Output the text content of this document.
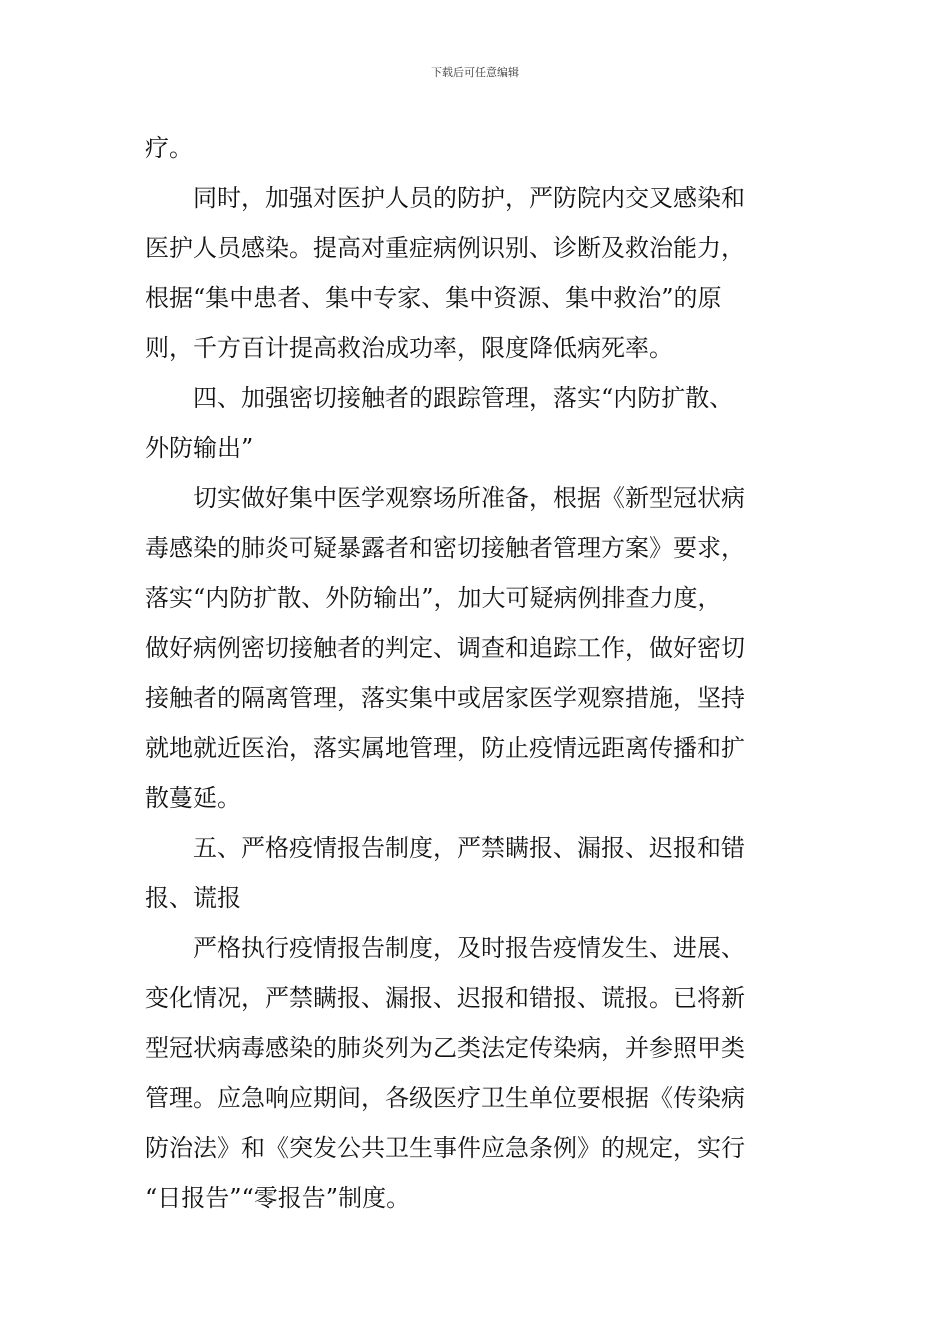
下载后可任意编辑
疗。
同时，加强对医护人员的防护，严防院内交叉感染和
医护人员感染。提高对重症病例识别、诊断及救治能力，
根据“集中患者、集中专家、集中资源、集中救治”的原
则，千方百计提高救治成功率，限度降低病死率。
四、加强密切接触者的跟踪管理，落实“内防扩散、
外防输出”
切实做好集中医学观察场所准备，根据《新型冠状病
毒感染的肺炎可疑暴露者和密切接触者管理方案》要求，
落实“内防扩散、外防输出”，加大可疑病例排查力度，
做好病例密切接触者的判定、调查和追踪工作，做好密切
接触者的隔离管理，落实集中或居家医学观察措施，坚持
就地就近医治，落实属地管理，防止疫情远距离传播和扩
散蔓延。
五、严格疫情报告制度，严禁瞒报、漏报、迟报和错
报、谎报
严格执行疫情报告制度，及时报告疫情发生、进展、
变化情况，严禁瞒报、漏报、迟报和错报、谎报。已将新
型冠状病毒感染的肺炎列为乙类法定传染病，并参照甲类
管理。应急响应期间，各级医疗卫生单位要根据《传染病
防治法》和《突发公共卫生事件应急条例》的规定，实行
“日报告”“零报告”制度。
